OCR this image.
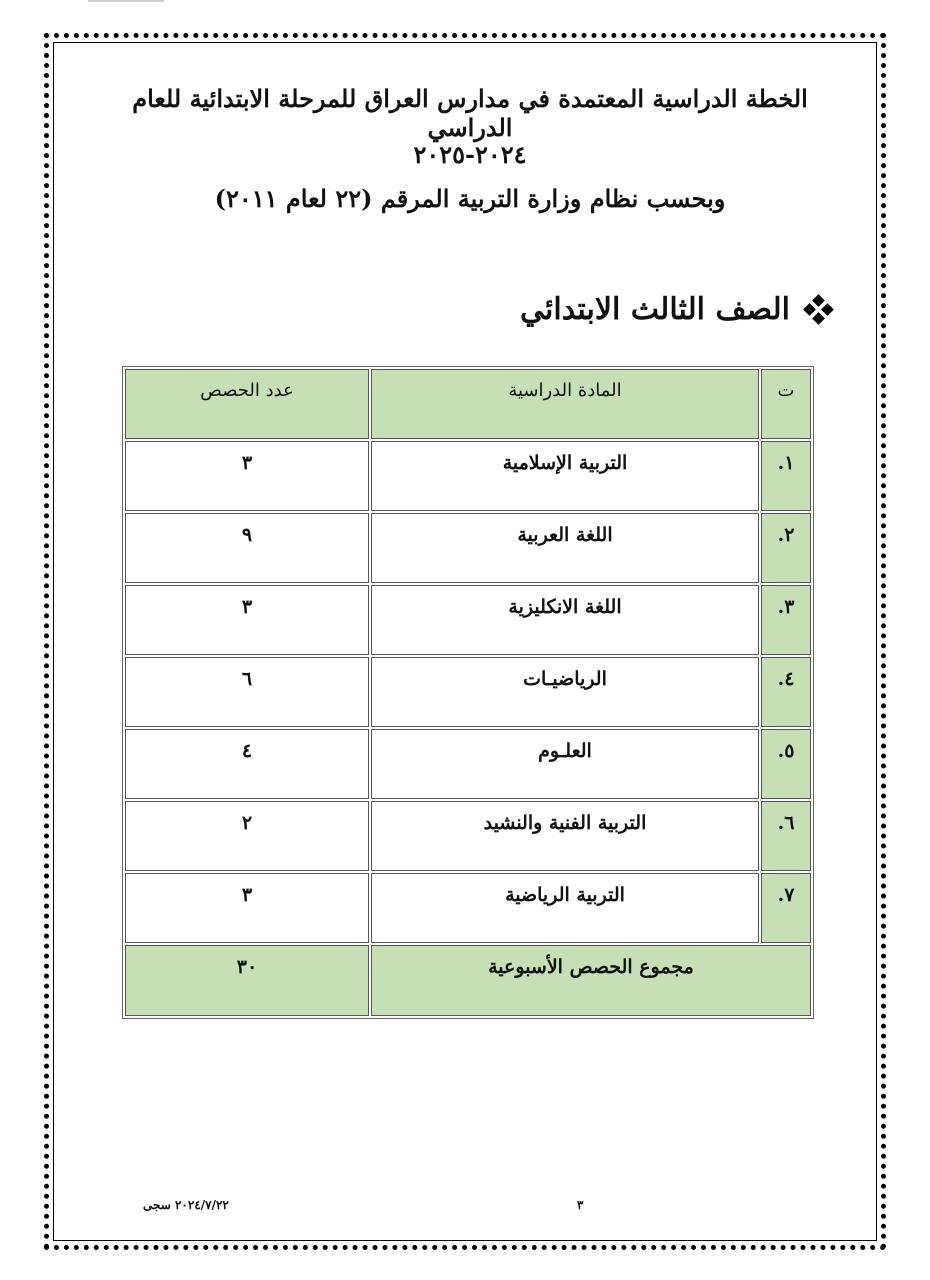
الخطة الدراسية المعتمدة في مدارس العراق للمرحلة الابتدائية للعام الدراسي

٢٠٢٤-٢٠٢٥

وبحسب نظام وزارة التربية المرقم (٢٢ لعام ٢٠١١)

الصف الثالث الابتدائي
ت	المادة الدراسية	عدد الحصص
١.	التربية الإسلامية	٣
٢.	اللغة العربية	٩
٣.	اللغة الانكليزية	٣
٤.	الرياضيـات	٦
٥.	العلـوم	٤
٦.	التربية الفنية والنشيد	٢
٧.	التربية الرياضية	٣
مجموع الحصص الأسبوعية		٣٠
٢٠٢٤/٧/٢٢ سجى	٣
